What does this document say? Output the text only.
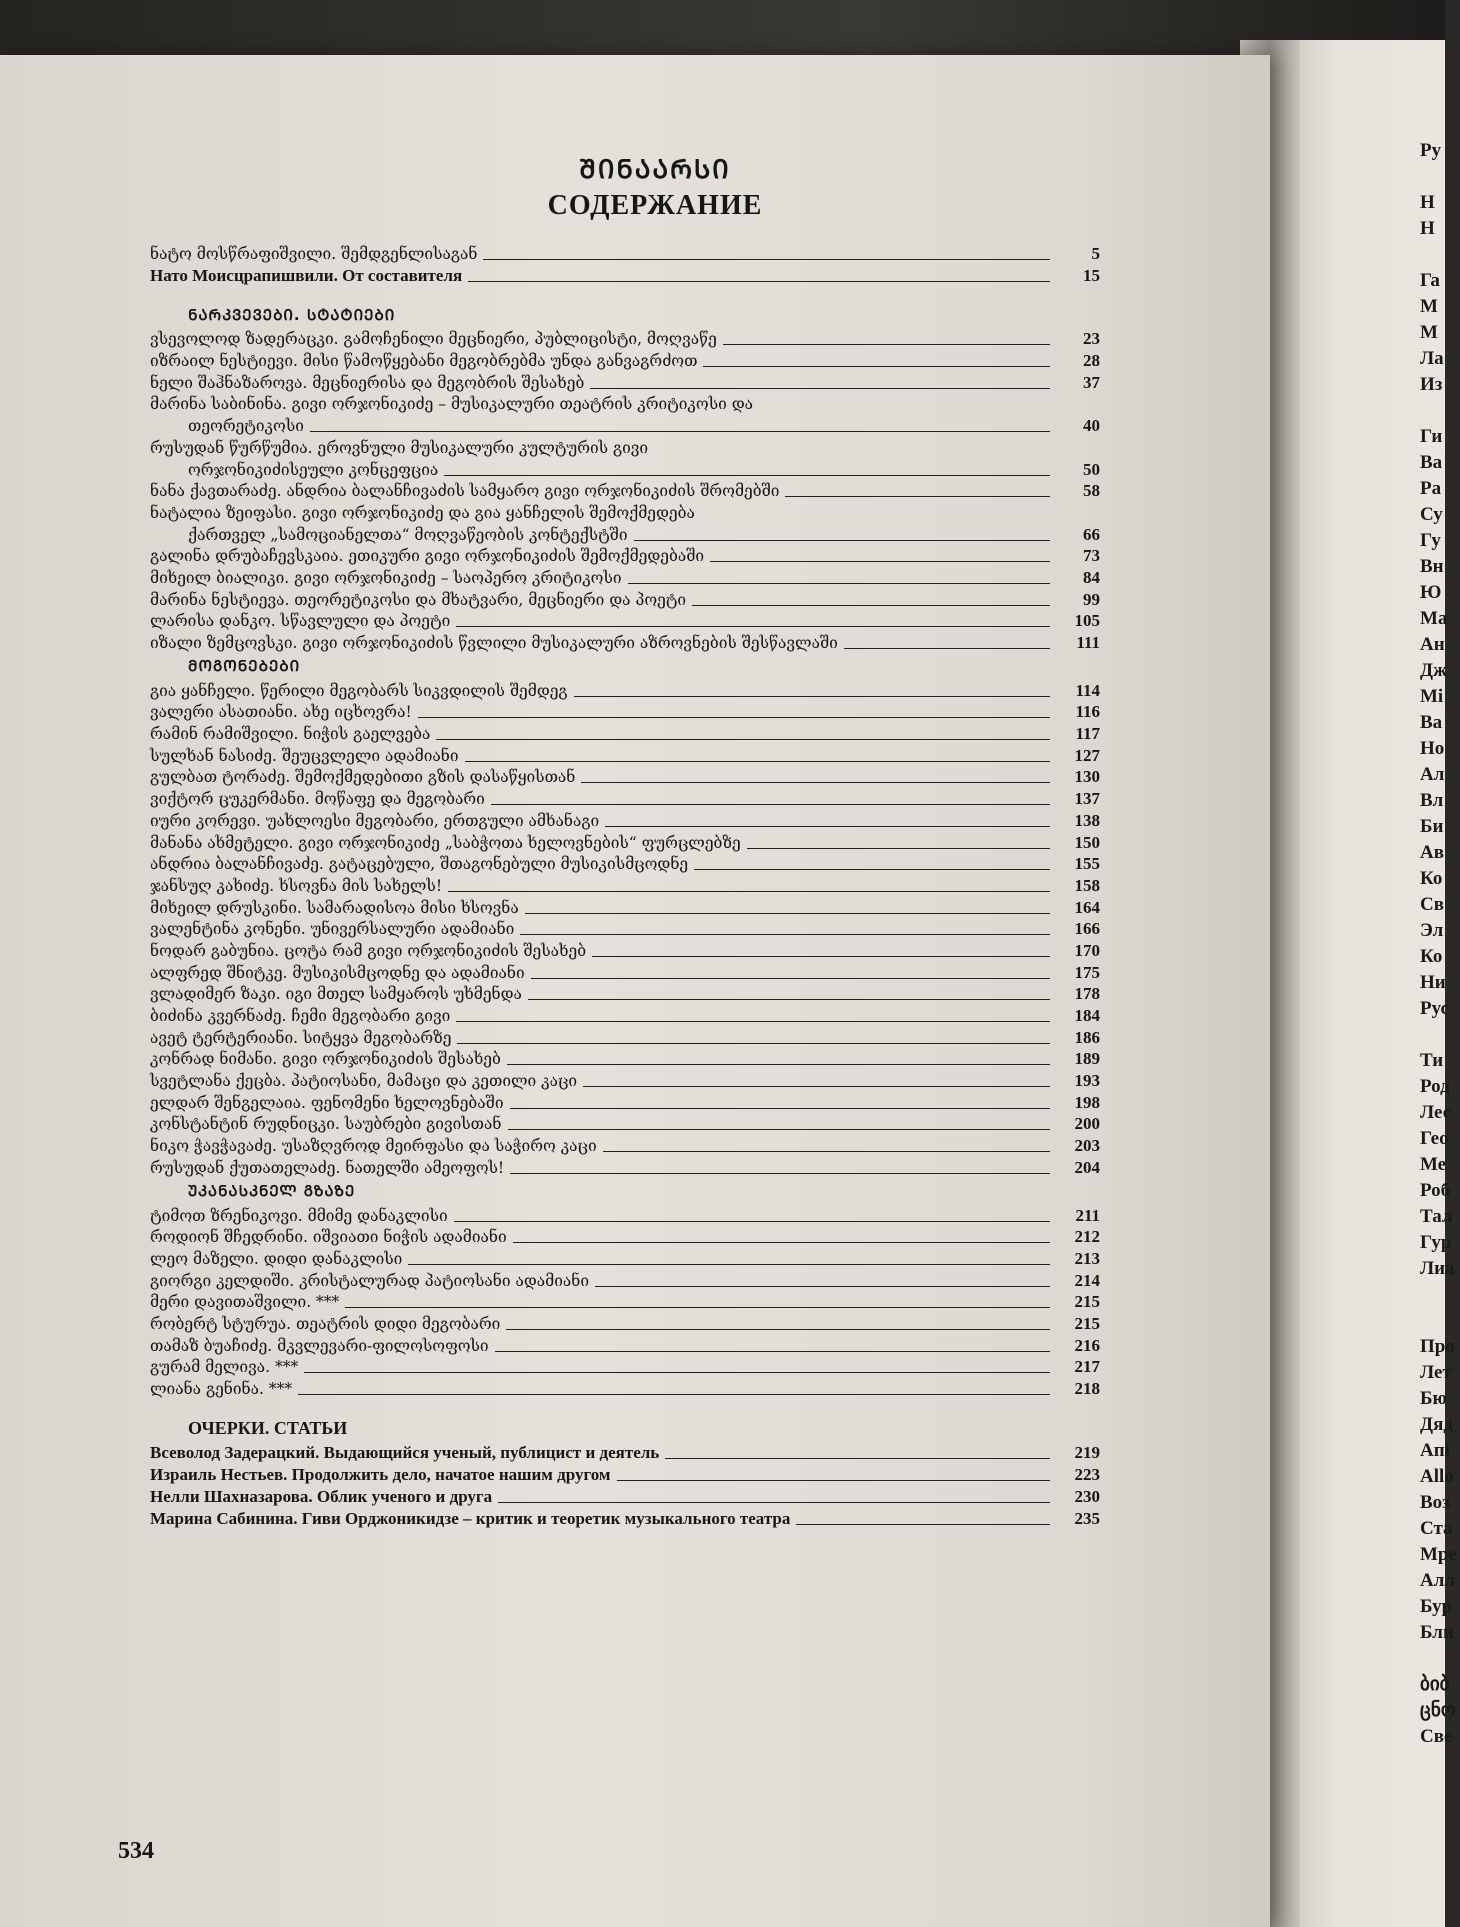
Ру
Н
Н
Га
М
М
Ла
Из
Ги
Ва
Ра
Су
Гу
Вн
Ю
Ма
Ан
Дж
Мі
Ва
Но
Ал
Вл
Би
Ав
Ко
Св
Эл
Ко
Ни
Рус
Ти
Род
Лес
Гео
Ме
Роб
Тал
Гур
Лиа
Про
Лет
Бю
Дяд
Апі
Allo
Воз
Ста
Mpe
Алл
Бур
Бли
ბიბ
ცნო
Све
ᲨᲘᲜᲐᲐᲠᲡᲘ
СОДЕРЖАНИЕ
ნატო მოსწრაფიშვილი. შემდგენლისაგან	5
Нато Моисцрапишвили. От составителя	15
ᲜᲐᲠᲙᲕᲔᲕᲔᲑᲘ. ᲡᲢᲐᲢᲘᲔᲑᲘ
ვსევოლოდ ზადერაცკი. გამოჩენილი მეცნიერი, პუბლიცისტი, მოღვაწე	23
იზრაილ ნესტიევი. მისი წამოწყებანი მეგობრებმა უნდა განვაგრძოთ	28
ნელი შაჰნაზაროვა. მეცნიერისა და მეგობრის შესახებ	37
მარინა საბინინა. გივი ორჯონიკიძე – მუსიკალური თეატრის კრიტიკოსი და
თეორეტიკოსი	40
რუსუდან წურწუმია. ეროვნული მუსიკალური კულტურის გივი
ორჯონიკიძისეული კონცეფცია	50
ნანა ქავთარაძე. ანდრია ბალანჩივაძის სამყარო გივი ორჯონიკიძის შრომებში	58
ნატალია ზეიფასი. გივი ორჯონიკიძე და გია ყანჩელის შემოქმედება
ქართველ „სამოციანელთა“ მოღვაწეობის კონტექსტში	66
გალინა დრუბაჩევსკაია. ეთიკური გივი ორჯონიკიძის შემოქმედებაში	73
მიხეილ ბიალიკი. გივი ორჯონიკიძე – საოპერო კრიტიკოსი	84
მარინა ნესტიევა. თეორეტიკოსი და მხატვარი, მეცნიერი და პოეტი	99
ლარისა დანკო. სწავლული და პოეტი	105
იზალი ზემცოვსკი. გივი ორჯონიკიძის წვლილი მუსიკალური აზროვნების შესწავლაში	111
ᲛᲝᲒᲝᲜᲔᲑᲔᲑᲘ
გია ყანჩელი. წერილი მეგობარს სიკვდილის შემდეგ	114
ვალერი ასათიანი. ახე იცხოვრა!	116
რამინ რამიშვილი. ნიჭის გაელვება	117
სულხან ნასიძე. შეუცვლელი ადამიანი	127
გულბათ ტორაძე. შემოქმედებითი გზის დასაწყისთან	130
ვიქტორ ცუკერმანი. მოწაფე და მეგობარი	137
იური კორევი. უახლოესი მეგობარი, ერთგული ამხანაგი	138
მანანა ახმეტელი. გივი ორჯონიკიძე „საბჭოთა ხელოვნების“ ფურცლებზე	150
ანდრია ბალანჩივაძე. გატაცებული, შთაგონებული მუსიკისმცოდნე	155
ჯანსუღ კახიძე. ხსოვნა მის სახელს!	158
მიხეილ დრუსკინი. სამარადისოა მისი ხსოვნა	164
ვალენტინა კონენი. უნივერსალური ადამიანი	166
ნოდარ გაბუნია. ცოტა რამ გივი ორჯონიკიძის შესახებ	170
ალფრედ შნიტკე. მუსიკისმცოდნე და ადამიანი	175
ვლადიმერ ზაკი. იგი მთელ სამყაროს უხმენდა	178
ბიძინა კვერნაძე. ჩემი მეგობარი გივი	184
ავეტ ტერტერიანი. სიტყვა მეგობარზე	186
კონრად ნიმანი. გივი ორჯონიკიძის შესახებ	189
სვეტლანა ქეცბა. პატიოსანი, მამაცი და კეთილი კაცი	193
ელდარ შენგელაია. ფენომენი ხელოვნებაში	198
კონსტანტინ რუდნიცკი. საუბრები გივისთან	200
ნიკო ჭავჭავაძე. უსაზღვროდ მეირფასი და საჭირო კაცი	203
რუსუდან ქუთათელაძე. ნათელში ამეოფოს!	204
ᲣᲙᲐᲜᲐᲡᲙᲜᲔᲚ ᲒᲖᲐᲖᲔ
ტიმოთ ზრენიკოვი. მმიმე დანაკლისი	211
როდიონ შჩედრინი. იშვიათი ნიჭის ადამიანი	212
ლეო მაზელი. დიდი დანაკლისი	213
გიორგი კელდიში. კრისტალურად პატიოსანი ადამიანი	214
მერი დავითაშვილი. ***	215
რობერტ სტურუა. თეატრის დიდი მეგობარი	215
თამაზ ბუაჩიძე. მკვლევარი-ფილოსოფოსი	216
გურამ მელივა. ***	217
ლიანა გენინა. ***	218
ОЧЕРКИ. СТАТЬИ
Всеволод Задерацкий. Выдающийся ученый, публицист и деятель	219
Израиль Нестьев. Продолжить дело, начатое нашим другом	223
Нелли Шахназарова. Облик ученого и друга	230
Марина Сабинина. Гиви Орджоникидзе – критик и теоретик музыкального театра	235
534
